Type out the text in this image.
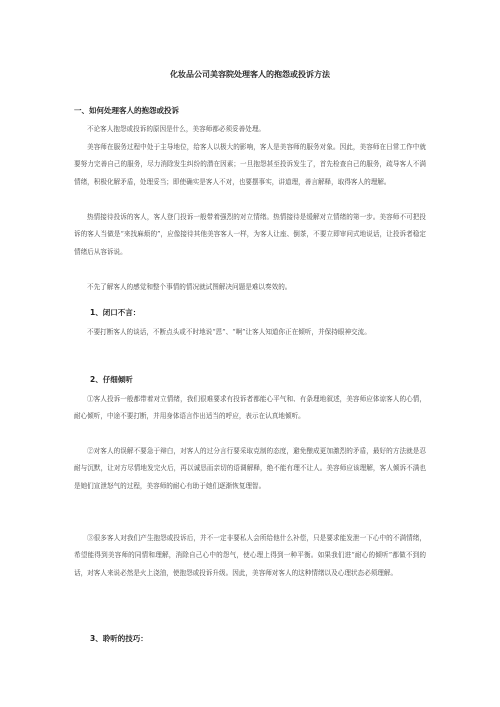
化妆品公司美容院处理客人的抱怨或投诉方法
一、如何处理客人的抱怨或投诉

不论客人抱怨或投诉的原因是什么，美容师都必须妥善处理。

美容师在服务过程中处于主导地位，给客人以极大的影响，客人是美容师的服务对象。因此，美容师在日常工作中就要努力完善自己的服务，尽力消除发生纠纷的潜在因素；一旦抱怨甚至投诉发生了，首先检查自己的服务，疏导客人不满情绪，积极化解矛盾，处理妥当；即使确实是客人不对，也要摆事实，讲道理，善言解释，取得客人的理解。

热情接待投诉的客人，客人登门投诉一般带着强烈的对立情绪。热情接待是缓解对立情绪的第一步。美容师不可把投诉的客人当做是“来找麻烦的”，应像接待其他美容客人一样，为客人让座、倒茶，不要立即审问式地说话，让投诉者稳定情绪后从容诉说。

不先了解客人的感觉和整个事情的情况就试图解决问题是难以奏效的。

1、闭口不言：

不要打断客人的谈话，不断点头或不时地说“恩”、“啊”让客人知道你正在倾听，并保持眼神交流。

2、仔细倾听

①客人投诉一般都带着对立情绪，我们很难要求有投诉者都能心平气和、有条理地叙述，美容师应体谅客人的心情，耐心倾听，中途不要打断，并用身体语言作出适当的呼应，表示在认真地倾听。

②对客人的误解不要急于辩白，对客人的过分言行要采取克制的态度，避免酿成更加激烈的矛盾，最好的方法就是忍耐与沉默，让对方尽情地发完火后，再以诚恳而亲切的语调解释，绝不能有理不让人。美容师应该理解，客人倾诉不满也是她们宣泄怒气的过程，美容师的耐心有助于她们逐渐恢复理智。

③很多客人对我们产生抱怨或投诉后，并不一定非要私人会所给他什么补偿，只是要求能发泄一下心中的不满情绪，希望能得到美容师的同情和理解，消除自己心中的怨气，使心理上得到一种平衡。如果我们进“耐心的倾听”都做不到的话，对客人来说必然是火上浇油，使抱怨或投诉升级。因此，美容师对客人的这种情绪以及心理状态必须理解。

3、聆听的技巧：
